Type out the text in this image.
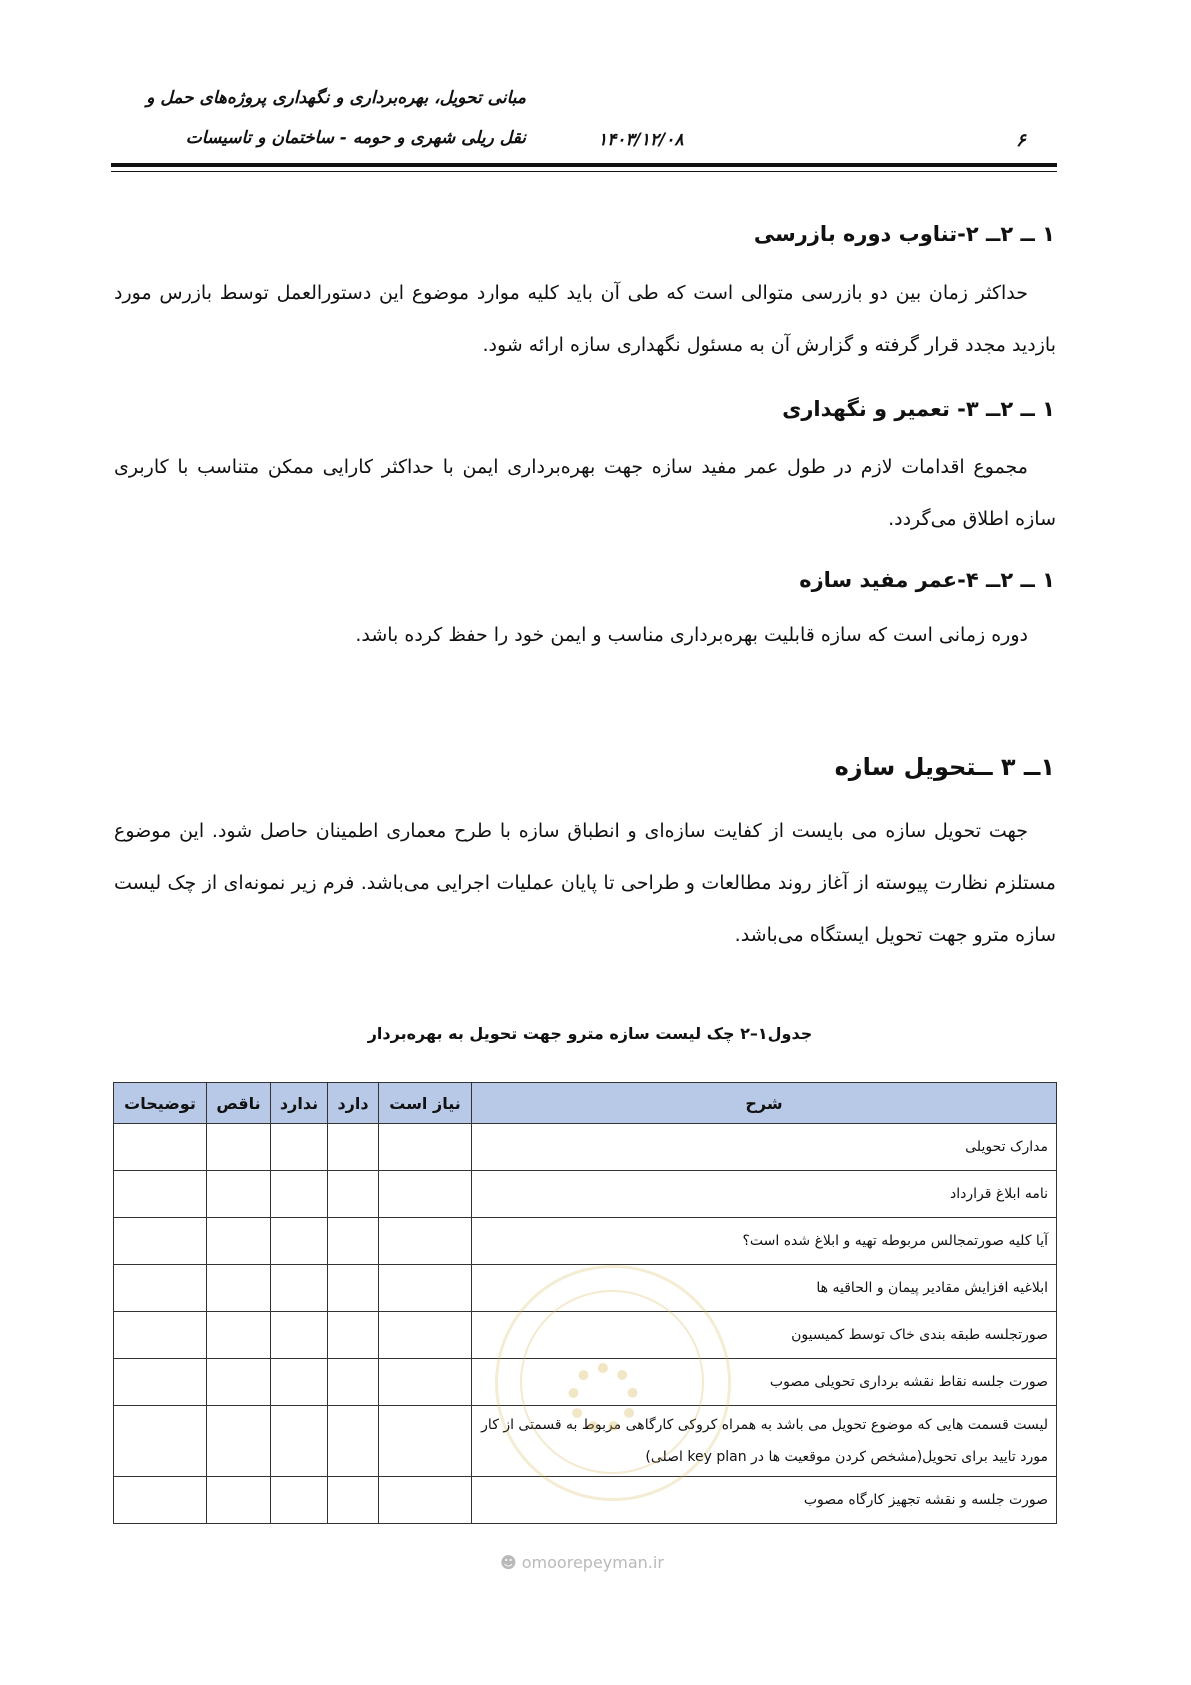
مبانی تحویل، بهره‌برداری و نگهداری پروژه‌های حمل و
نقل ریلی شهری و حومه - ساختمان و تاسیسات	۱۴۰۳/۱۲/۰۸	۶
۱ ــ ۲ــ ۲-تناوب دوره بازرسی
حداکثر زمان بین دو بازرسی متوالی است که طی آن باید کلیه موارد موضوع این دستورالعمل توسط بازرس مورد بازدید مجدد قرار گرفته و گزارش آن به مسئول نگهداری سازه ارائه شود.
۱ ــ ۲ــ ۳- تعمیر و نگهداری
مجموع اقدامات لازم در طول عمر مفید سازه جهت بهره‌برداری ایمن با حداکثر کارایی ممکن متناسب با کاربری سازه اطلاق می‌گردد.
۱ ــ ۲ــ ۴-عمر مفید سازه
دوره زمانی است که سازه قابلیت بهره‌برداری مناسب و ایمن خود را حفظ کرده باشد.
۱ــ ۳ ــتحویل سازه
جهت تحویل سازه می بایست از کفایت سازه‌ای و انطباق سازه با طرح معماری اطمینان حاصل شود. این موضوع مستلزم نظارت پیوسته از آغاز روند مطالعات و طراحی تا پایان عملیات اجرایی می‌باشد. فرم زیر نمونه‌ای از چک لیست سازه مترو جهت تحویل ایستگاه می‌باشد.
جدول۱–۲ چک لیست سازه مترو جهت تحویل به بهره‌بردار
شرح	نیاز است	دارد	ندارد	ناقص	توضیحات
مدارک تحویلی					
نامه ابلاغ قرارداد					
آیا کلیه صورتمجالس مربوطه تهیه و ابلاغ شده است؟					
ابلاغیه افزایش مقادیر پیمان و الحاقیه ها					
صورتجلسه طبقه بندی خاک توسط کمیسیون					
صورت جلسه نقاط نقشه برداری تحویلی مصوب					
لیست قسمت هایی که موضوع تحویل می باشد به همراه کروکی کارگاهی مربوط به قسمتی از کار مورد تایید برای تحویل(مشخص کردن موقعیت ها در key plan اصلی)					
صورت جلسه و نقشه تجهیز کارگاه مصوب					
☻ omoorepeyman.ir
